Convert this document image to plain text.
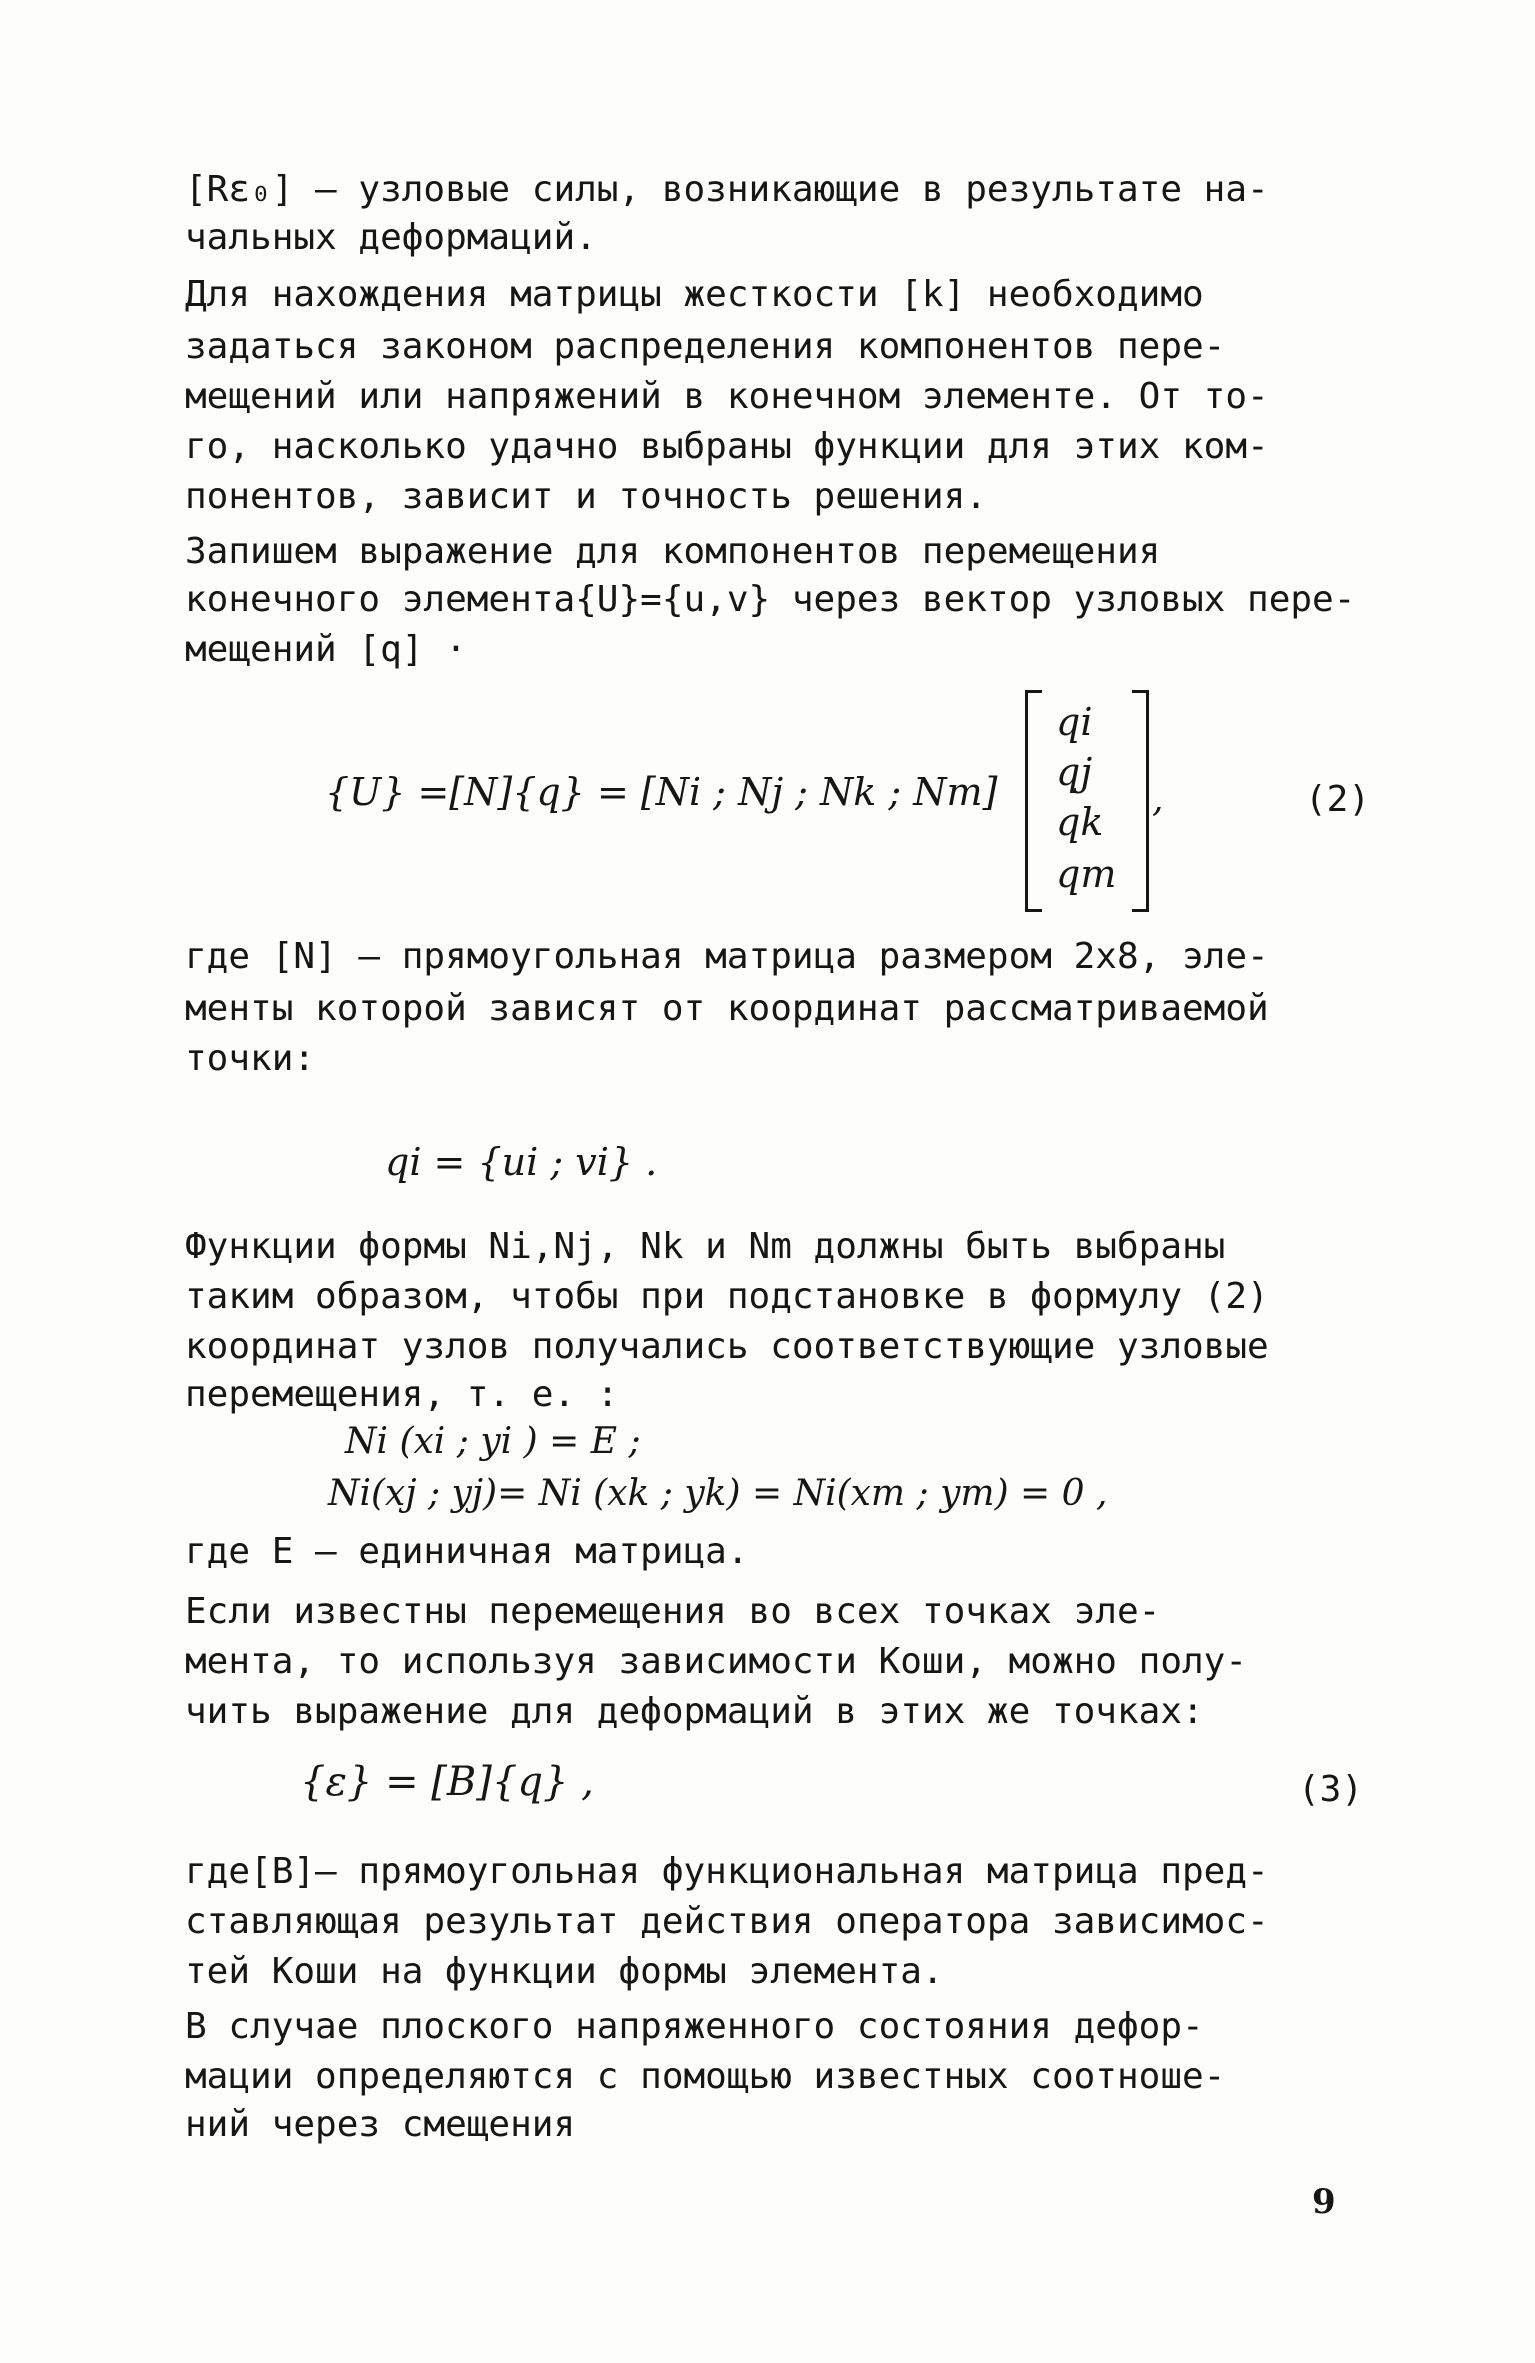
[Rε₀] – узловые силы, возникающие в результате на-
чальных деформаций.
Для нахождения матрицы жесткости [k] необходимо
задаться законом распределения компонентов пере-
мещений или напряжений в конечном элементе. От то-
го, насколько удачно выбраны функции для этих ком-
понентов, зависит и точность решения.
Запишем выражение для компонентов перемещения
конечного элемента{U}={u,v} через вектор узловых пере-
мещений [q] ·
{U} =[N]{q} = [Ni ; Nj ; Nk ; Nm]
qi
qj
qk
qm
,	(2)
где [N] – прямоугольная матрица размером 2x8, эле-
менты которой зависят от координат рассматриваемой
точки:
qi = {ui ; vi} .
Функции формы Ni,Nj, Nk и Nm должны быть выбраны
таким образом, чтобы при подстановке в формулу (2)
координат узлов получались соответствующие узловые
перемещения, т. е. :
Ni (xi ; yi ) = E ;
Ni(xj ; yj)= Ni (xk ; yk) = Ni(xm ; ym) = 0 ,
где E – единичная матрица.
Если известны перемещения во всех точках эле-
мента, то используя зависимости Коши, можно полу-
чить выражение для деформаций в этих же точках:
{ε} = [B]{q} ,	(3)
где[B]– прямоугольная функциональная матрица пред-
ставляющая результат действия оператора зависимос-
тей Коши на функции формы элемента.
В случае плоского напряженного состояния дефор-
мации определяются с помощью известных соотноше-
ний через смещения
9
